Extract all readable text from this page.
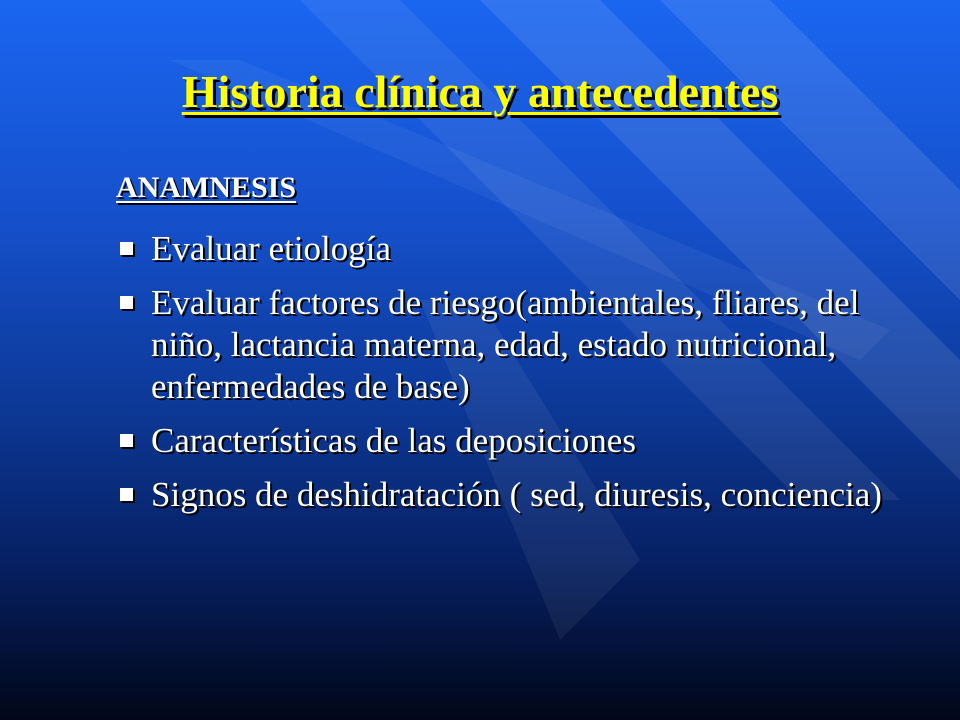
Historia clínica y antecedentes
ANAMNESIS
Evaluar etiología
Evaluar factores de riesgo(ambientales, fliares, del niño, lactancia materna, edad, estado nutricional, enfermedades de base)
Características de las deposiciones
Signos de deshidratación ( sed, diuresis, conciencia)
